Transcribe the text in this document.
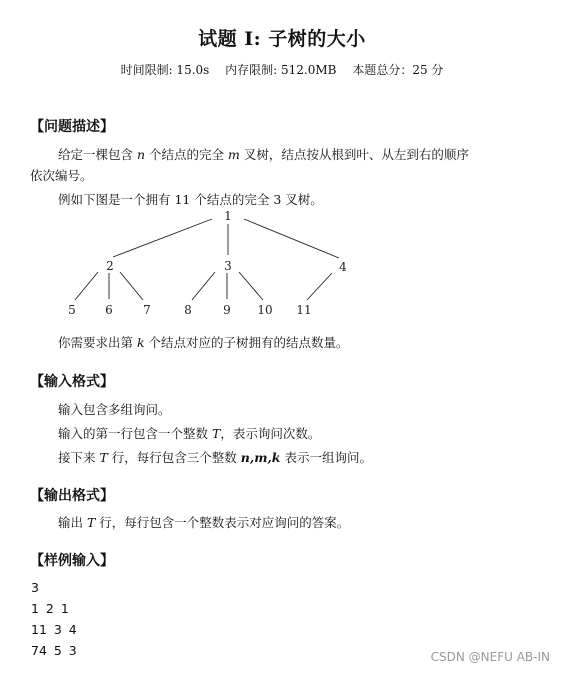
试题 I: 子树的大小
时间限制: 15.0s 内存限制: 512.0MB 本题总分：25 分
【问题描述】
给定一棵包含 n 个结点的完全 m 叉树，结点按从根到叶、从左到右的顺序
依次编号。
例如下图是一个拥有 11 个结点的完全 3 叉树。
1
2	3	4
5 6	7	8	9 10 11
你需要求出第 k 个结点对应的子树拥有的结点数量。
【输入格式】
输入包含多组询问。
输入的第一行包含一个整数 T，表示询问次数。
接下来 T 行，每行包含三个整数 n,m,k 表示一组询问。
【输出格式】
输出 T 行，每行包含一个整数表示对应询问的答案。
【样例输入】
3
1 2 1
11 3 4
74 5 3	CSDN @NEFU AB-IN
